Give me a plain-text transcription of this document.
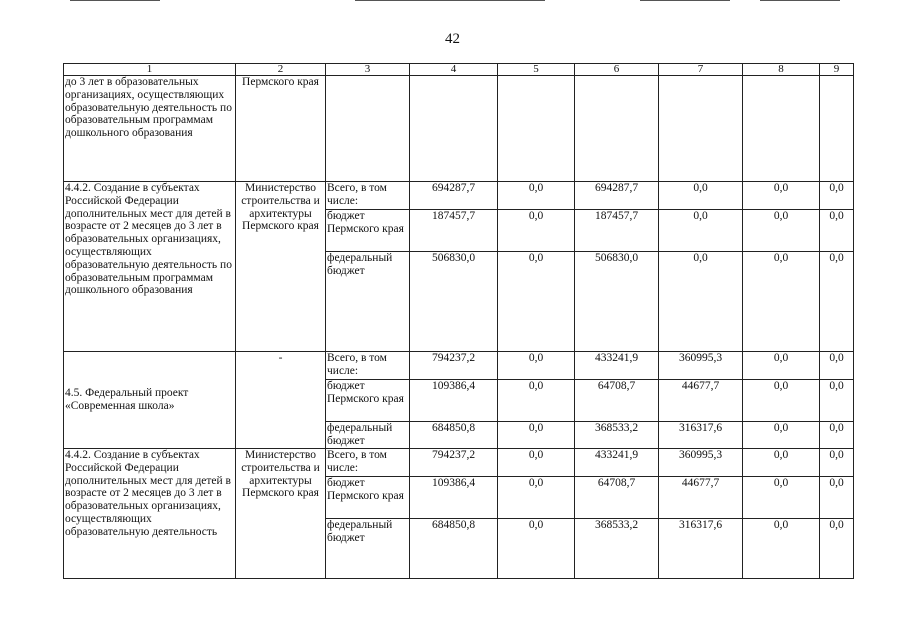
42
1	2	3	4	5	6	7	8	9
до 3 лет в образовательных организациях, осуществляющих образовательную деятельность по образовательным программам дошкольного образования	Пермского края							
4.4.2. Создание в субъектах Российской Федерации дополнительных мест для детей в возрасте от 2 месяцев до 3 лет в образовательных организациях, осуществляющих образовательную деятельность по образовательным программам дошкольного образования	Министерство строительства и архитектуры Пермского края	Всего, в том числе:	694287,7	0,0	694287,7	0,0	0,0	0,0
		бюджет Пермского края	187457,7	0,0	187457,7	0,0	0,0	0,0
		федеральный бюджет	506830,0	0,0	506830,0	0,0	0,0	0,0
4.5. Федеральный проект «Современная школа»	-	Всего, в том числе:	794237,2	0,0	433241,9	360995,3	0,0	0,0
		бюджет Пермского края	109386,4	0,0	64708,7	44677,7	0,0	0,0
		федеральный бюджет	684850,8	0,0	368533,2	316317,6	0,0	0,0
4.4.2. Создание в субъектах Российской Федерации дополнительных мест для детей в возрасте от 2 месяцев до 3 лет в образовательных организациях, осуществляющих образовательную деятельность	Министерство строительства и архитектуры Пермского края	Всего, в том числе:	794237,2	0,0	433241,9	360995,3	0,0	0,0
		бюджет Пермского края	109386,4	0,0	64708,7	44677,7	0,0	0,0
		федеральный бюджет	684850,8	0,0	368533,2	316317,6	0,0	0,0
